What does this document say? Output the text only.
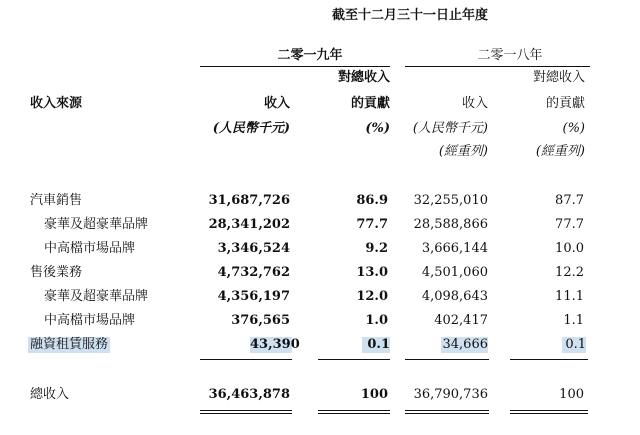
截至十二月三十一日止年度
二零一九年	二零一八年
對總收入	對總收入
收入來源	收入	的貢獻	收入	的貢獻
(人民幣千元)	(%)	(人民幣千元)	(%)
(經重列)	(經重列)
汽車銷售	31,687,726	86.9	32,255,010	87.7
豪華及超豪華品牌	28,341,202	77.7	28,588,866	77.7
中高檔市場品牌	3,346,524	9.2	3,666,144	10.0
售後業務	4,732,762	13.0	4,501,060	12.2
豪華及超豪華品牌	4,356,197	12.0	4,098,643	11.1
中高檔市場品牌	376,565	1.0	402,417	1.1
融資租賃服務	43,390	0.1	34,666	0.1
總收入	36,463,878	100	36,790,736	100
